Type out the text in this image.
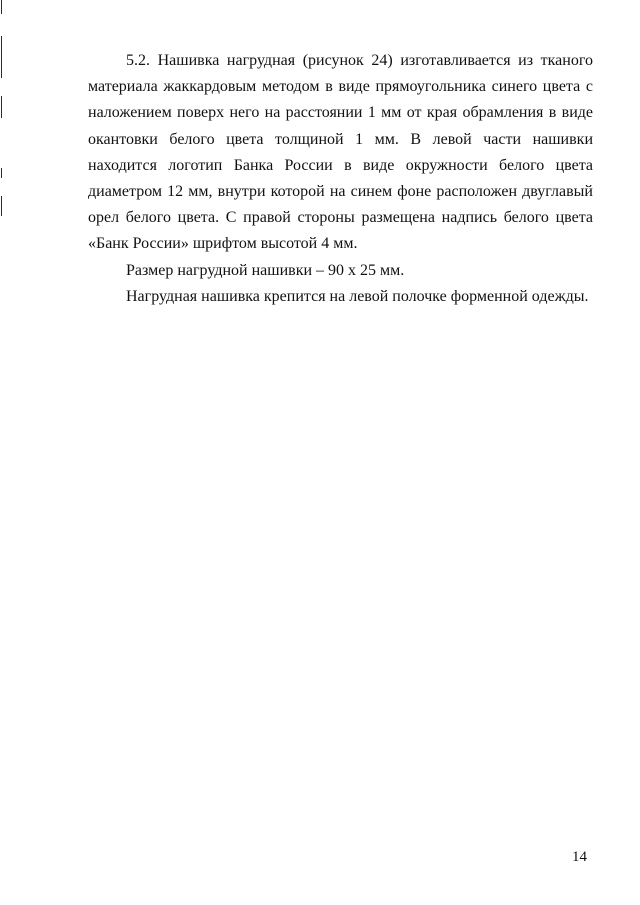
5.2. Нашивка нагрудная (рисунок 24) изготавливается из тканого материала жаккардовым методом в виде прямоугольника синего цвета с наложением поверх него на расстоянии 1 мм от края обрамления в виде окантовки белого цвета толщиной 1 мм. В левой части нашивки находится логотип Банка России в виде окружности белого цвета диаметром 12 мм, внутри которой на синем фоне расположен двуглавый орел белого цвета. С правой стороны размещена надпись белого цвета «Банк России» шрифтом высотой 4 мм.

Размер нагрудной нашивки – 90 х 25 мм.

Нагрудная нашивка крепится на левой полочке форменной одежды.

14
